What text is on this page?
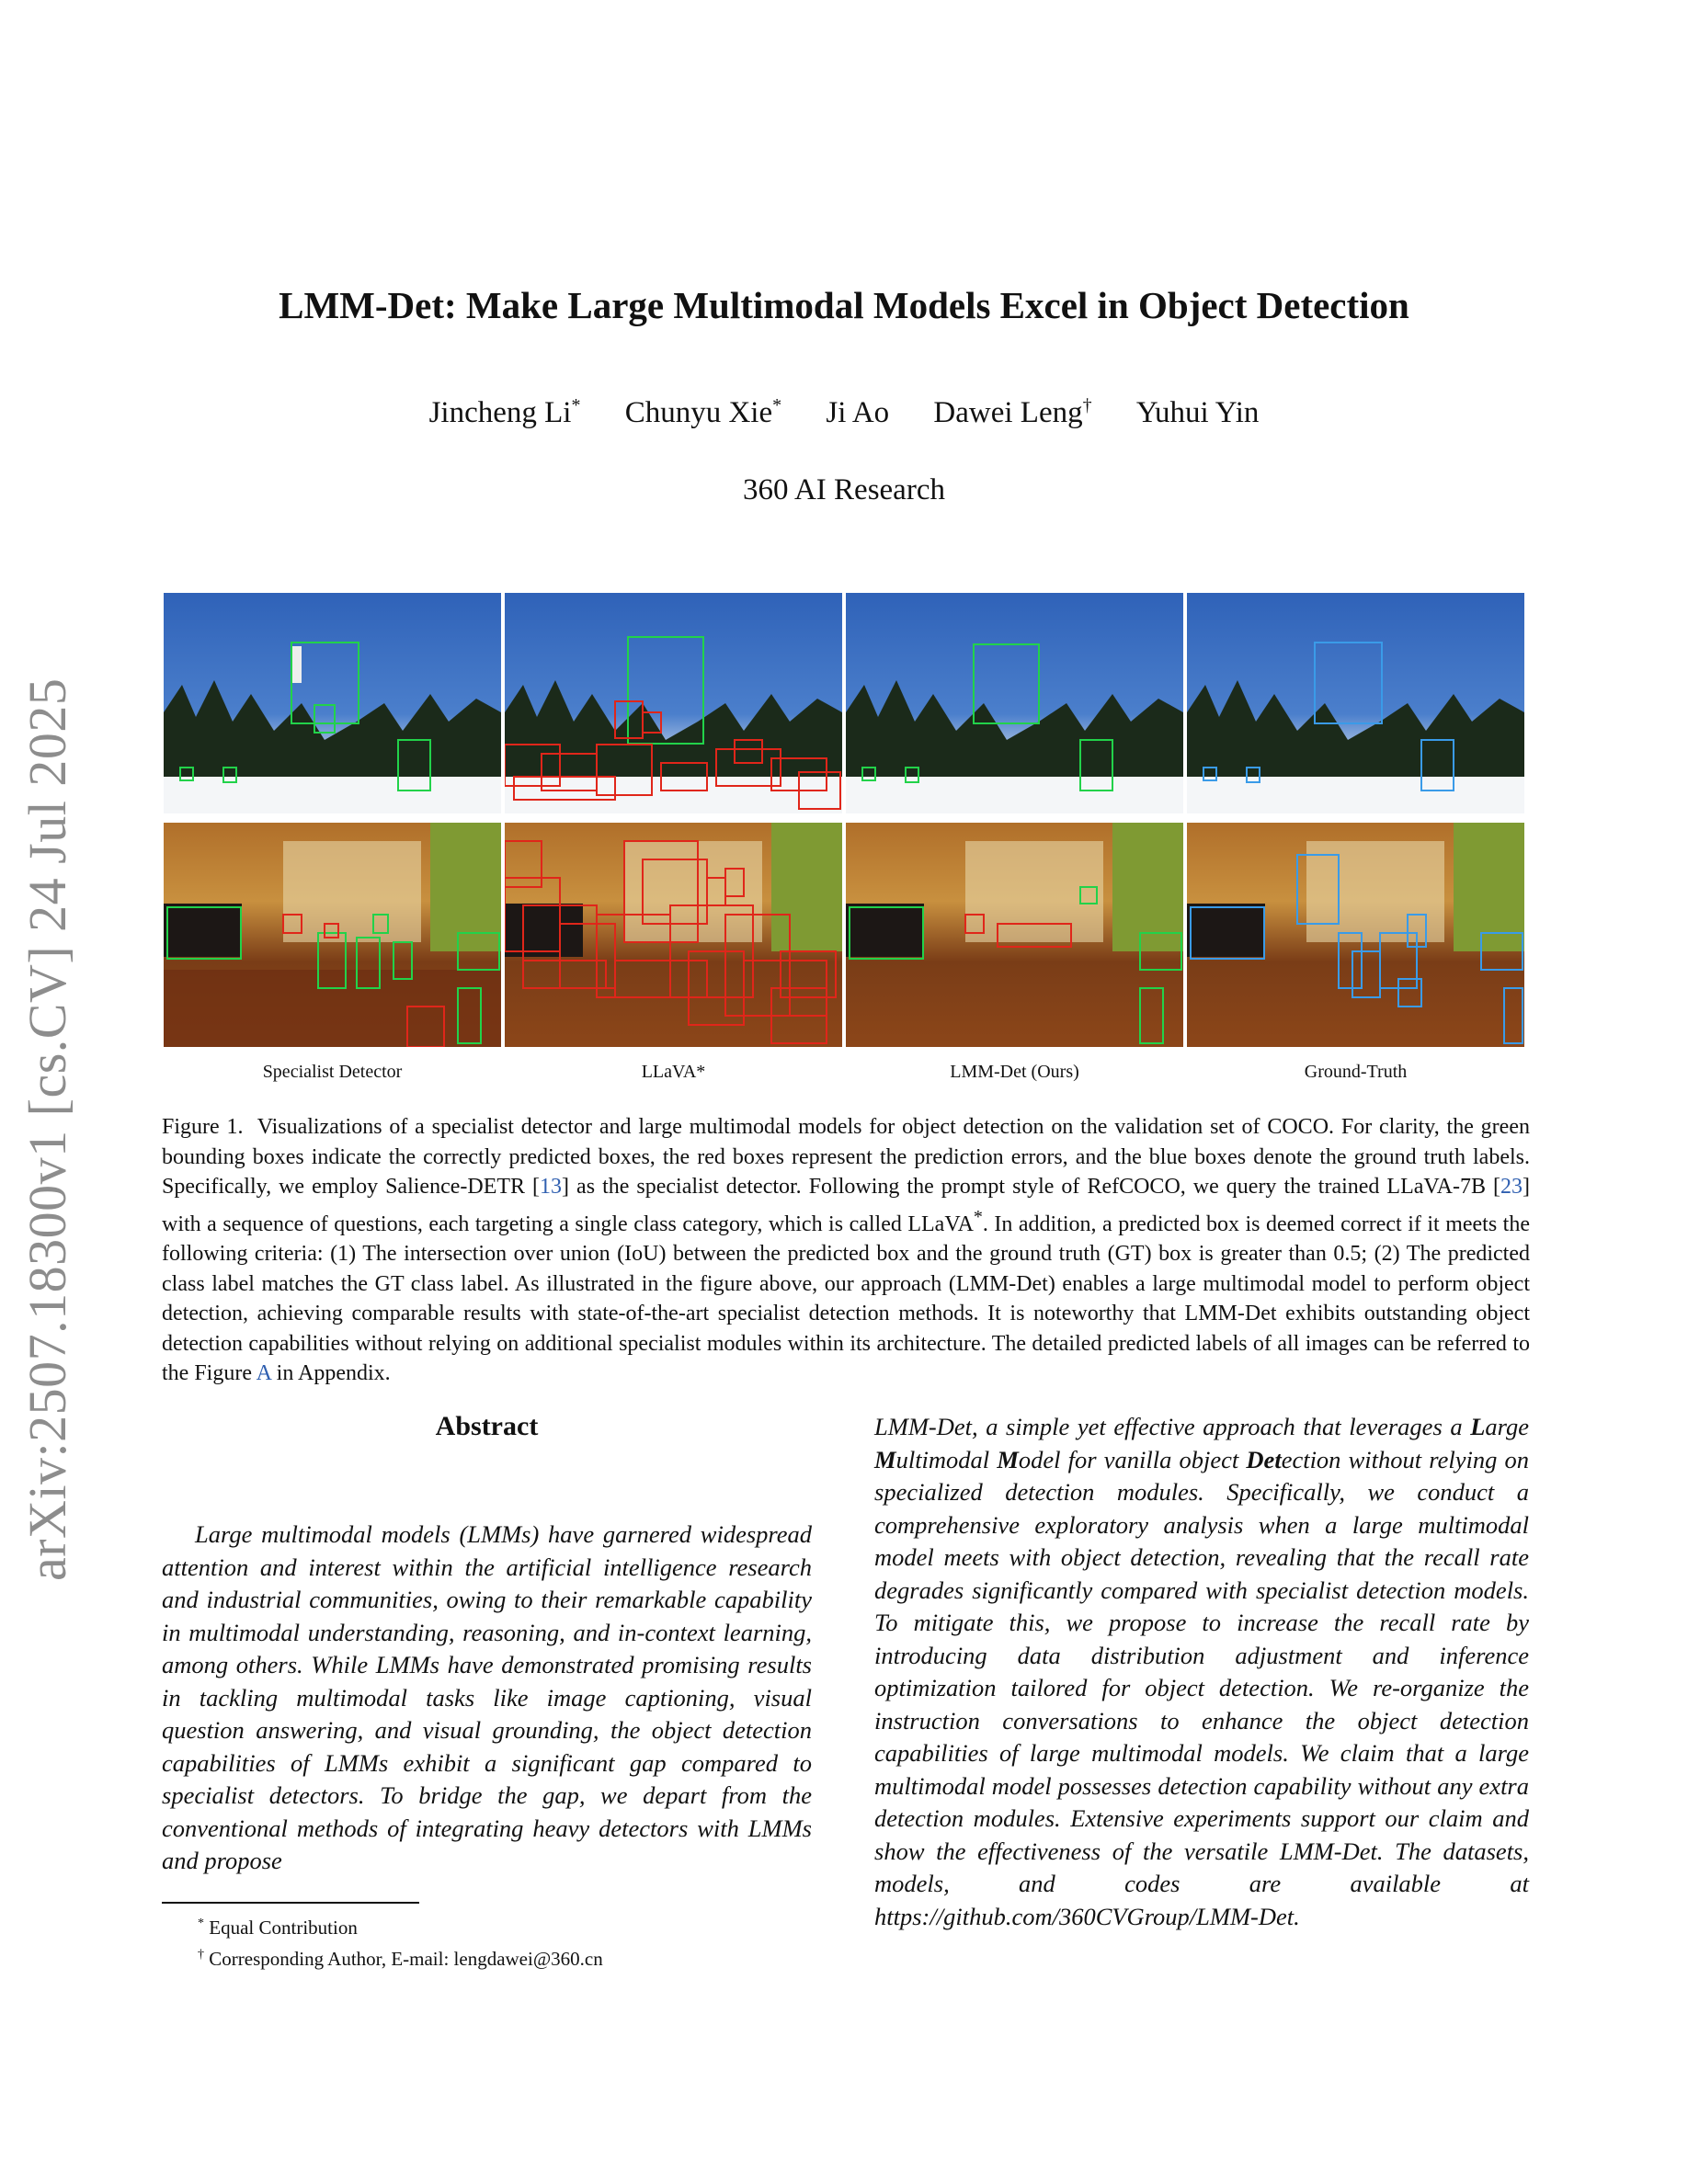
arXiv:2507.18300v1 [cs.CV] 24 Jul 2025
LMM-Det: Make Large Multimodal Models Excel in Object Detection
Jincheng Li* Chunyu Xie* Ji Ao Dawei Leng† Yuhui Yin
360 AI Research
Specialist Detector	LLaVA*	LMM-Det (Ours)	Ground-Truth
Figure 1. Visualizations of a specialist detector and large multimodal models for object detection on the validation set of COCO. For clarity, the green bounding boxes indicate the correctly predicted boxes, the red boxes represent the prediction errors, and the blue boxes denote the ground truth labels. Specifically, we employ Salience-DETR [13] as the specialist detector. Following the prompt style of RefCOCO, we query the trained LLaVA-7B [23] with a sequence of questions, each targeting a single class category, which is called LLaVA*. In addition, a predicted box is deemed correct if it meets the following criteria: (1) The intersection over union (IoU) between the predicted box and the ground truth (GT) box is greater than 0.5; (2) The predicted class label matches the GT class label. As illustrated in the figure above, our approach (LMM-Det) enables a large multimodal model to perform object detection, achieving comparable results with state-of-the-art specialist detection methods. It is noteworthy that LMM-Det exhibits outstanding object detection capabilities without relying on additional specialist modules within its architecture. The detailed predicted labels of all images can be referred to the Figure A in Appendix.
Abstract
Large multimodal models (LMMs) have garnered widespread attention and interest within the artificial intelligence research and industrial communities, owing to their remarkable capability in multimodal understanding, reasoning, and in-context learning, among others. While LMMs have demonstrated promising results in tackling multimodal tasks like image captioning, visual question answering, and visual grounding, the object detection capabilities of LMMs exhibit a significant gap compared to specialist detectors. To bridge the gap, we depart from the conventional methods of integrating heavy detectors with LMMs and propose
LMM-Det, a simple yet effective approach that leverages a Large Multimodal Model for vanilla object Detection without relying on specialized detection modules. Specifically, we conduct a comprehensive exploratory analysis when a large multimodal model meets with object detection, revealing that the recall rate degrades significantly compared with specialist detection models. To mitigate this, we propose to increase the recall rate by introducing data distribution adjustment and inference optimization tailored for object detection. We re-organize the instruction conversations to enhance the object detection capabilities of large multimodal models. We claim that a large multimodal model possesses detection capability without any extra detection modules. Extensive experiments support our claim and show the effectiveness of the versatile LMM-Det. The datasets, models, and codes are available at https://github.com/360CVGroup/LMM-Det.
* Equal Contribution
† Corresponding Author, E-mail: lengdawei@360.cn
